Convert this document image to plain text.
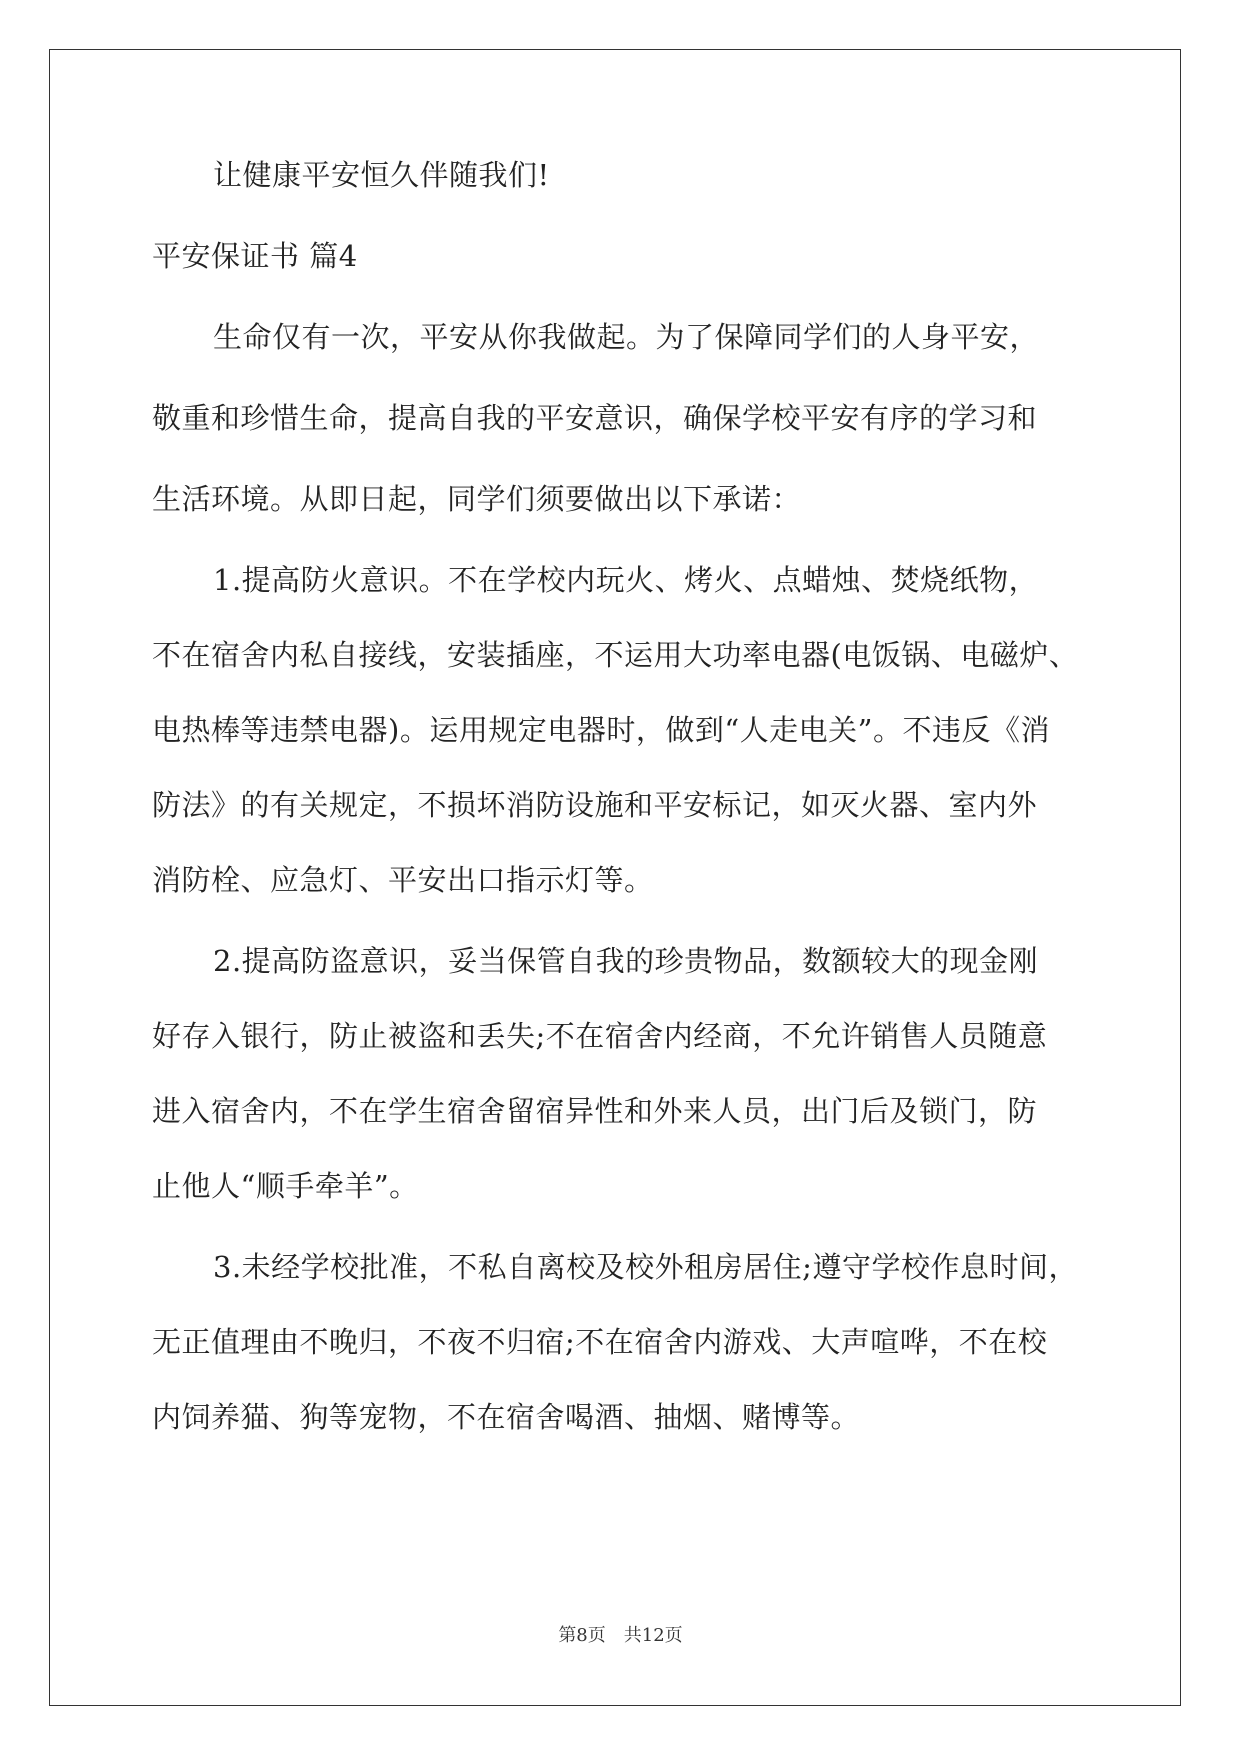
让健康平安恒久伴随我们!
平安保证书 篇4
生命仅有一次，平安从你我做起。为了保障同学们的人身平安，
敬重和珍惜生命，提高自我的平安意识，确保学校平安有序的学习和
生活环境。从即日起，同学们须要做出以下承诺：
1.提高防火意识。不在学校内玩火、烤火、点蜡烛、焚烧纸物，
不在宿舍内私自接线，安装插座，不运用大功率电器(电饭锅、电磁炉、
电热棒等违禁电器)。运用规定电器时，做到“人走电关”。不违反《消
防法》的有关规定，不损坏消防设施和平安标记，如灭火器、室内外
消防栓、应急灯、平安出口指示灯等。
2.提高防盗意识，妥当保管自我的珍贵物品，数额较大的现金刚
好存入银行，防止被盗和丢失;不在宿舍内经商，不允许销售人员随意
进入宿舍内，不在学生宿舍留宿异性和外来人员，出门后及锁门，防
止他人“顺手牵羊”。
3.未经学校批准，不私自离校及校外租房居住;遵守学校作息时间，
无正值理由不晚归，不夜不归宿;不在宿舍内游戏、大声喧哗，不在校
内饲养猫、狗等宠物，不在宿舍喝酒、抽烟、赌博等。
第8页 共12页
